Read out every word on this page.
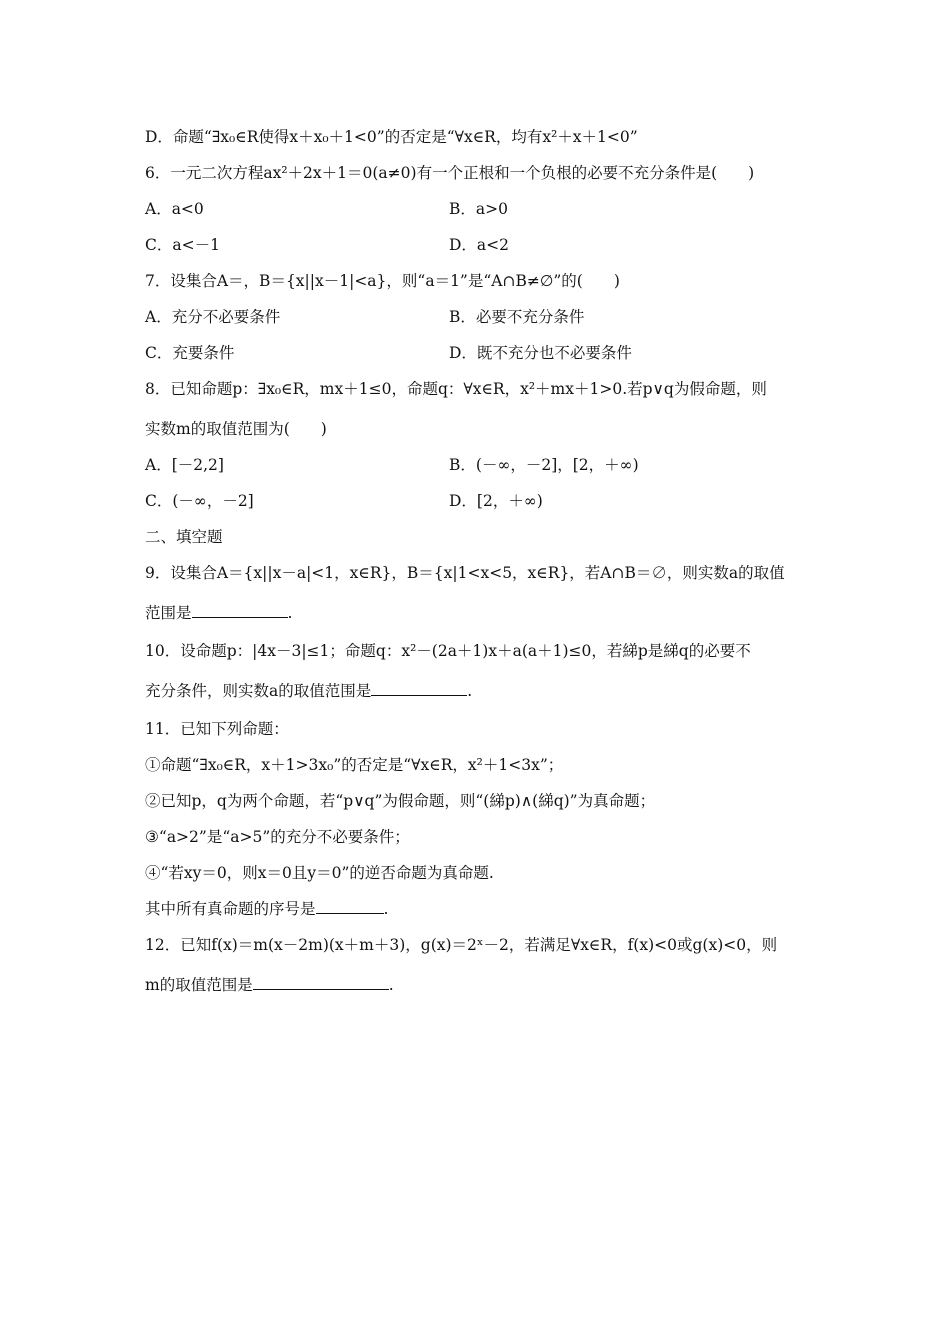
D．命题“∃x₀∈R使得x＋x₀＋1<0”的否定是“∀x∈R，均有x²＋x＋1<0”
6．一元二次方程ax²＋2x＋1＝0(a≠0)有一个正根和一个负根的必要不充分条件是(　　)
A．a<0	B．a>0
C．a<－1	D．a<2
7．设集合A＝，B＝{x||x－1|<a}，则“a＝1”是“A∩B≠∅”的(　　)
A．充分不必要条件	B．必要不充分条件
C．充要条件	D．既不充分也不必要条件
8．已知命题p：∃x₀∈R，mx＋1≤0，命题q：∀x∈R，x²＋mx＋1>0.若p∨q为假命题，则
实数m的取值范围为(　　)
A．[－2,2]	B．(－∞，－2]，[2，＋∞)
C．(－∞，－2]	D．[2，＋∞)
二、填空题
9．设集合A＝{x||x－a|<1，x∈R}，B＝{x|1<x<5，x∈R}，若A∩B＝∅，则实数a的取值
范围是	.
10．设命题p：|4x－3|≤1；命题q：x²－(2a＋1)x＋a(a＋1)≤0，若綈p是綈q的必要不
充分条件，则实数a的取值范围是	.
11．已知下列命题：
①命题“∃x₀∈R，x＋1>3x₀”的否定是“∀x∈R，x²＋1<3x”；
②已知p，q为两个命题，若“p∨q”为假命题，则“(綈p)∧(綈q)”为真命题；
③“a>2”是“a>5”的充分不必要条件；
④“若xy＝0，则x＝0且y＝0”的逆否命题为真命题.
其中所有真命题的序号是	.
12．已知f(x)＝m(x－2m)(x＋m＋3)，g(x)＝2ˣ－2，若满足∀x∈R，f(x)<0或g(x)<0，则
m的取值范围是	.
